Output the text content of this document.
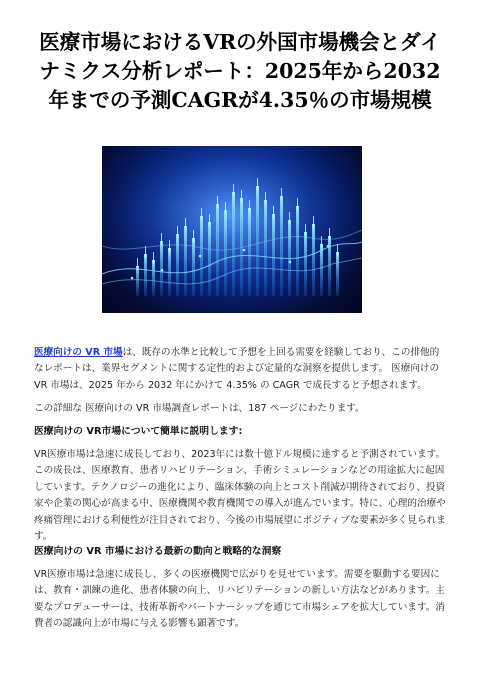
医療市場におけるVRの外国市場機会とダイナミクス分析レポート：2025年から2032年までの予測CAGRが4.35％の市場規模

医療向けの VR 市場は、既存の水準と比較して予想を上回る需要を経験しており、この排他的なレポートは、業界セグメントに関する定性的および定量的な洞察を提供します。 医療向けの VR 市場は、2025 年から 2032 年にかけて 4.35% の CAGR で成長すると予想されます。

この詳細な 医療向けの VR 市場調査レポートは、187 ページにわたります。

医療向けの VR市場について簡単に説明します:

VR医療市場は急速に成長しており、2023年には数十億ドル規模に達すると予測されています。この成長は、医療教育、患者リハビリテーション、手術シミュレーションなどの用途拡大に起因しています。テクノロジーの進化により、臨床体験の向上とコスト削減が期待されており、投資家や企業の関心が高まる中、医療機関や教育機関での導入が進んでいます。特に、心理的治療や疼痛管理における利便性が注目されており、今後の市場展望にポジティブな要素が多く見られます。

医療向けの VR 市場における最新の動向と戦略的な洞察

VR医療市場は急速に成長し、多くの医療機関で広がりを見せています。需要を駆動する要因には、教育・訓練の進化、患者体験の向上、リハビリテーションの新しい方法などがあります。主要なプロデューサーは、技術革新やパートナーシップを通じて市場シェアを拡大しています。消費者の認識向上が市場に与える影響も顕著です。
